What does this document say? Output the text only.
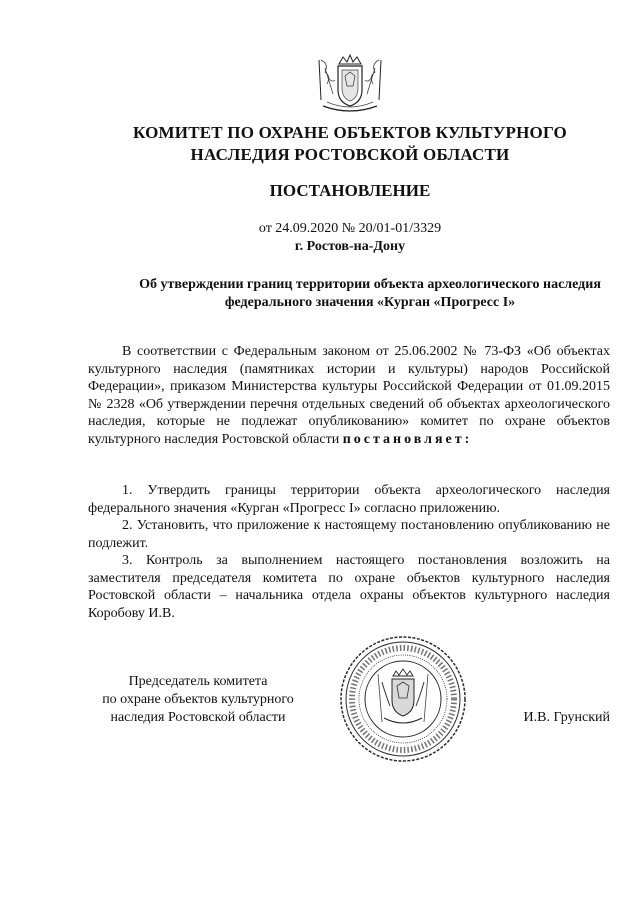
КОМИТЕТ ПО ОХРАНЕ ОБЪЕКТОВ КУЛЬТУРНОГО НАСЛЕДИЯ РОСТОВСКОЙ ОБЛАСТИ
ПОСТАНОВЛЕНИЕ
от 24.09.2020 № 20/01-01/3329
г. Ростов-на-Дону
Об утверждении границ территории объекта археологического наследия федерального значения «Курган «Прогресс I»
В соответствии с Федеральным законом от 25.06.2002 № 73-ФЗ «Об объектах культурного наследия (памятниках истории и культуры) народов Российской Федерации», приказом Министерства культуры Российской Федерации от 01.09.2015 № 2328 «Об утверждении перечня отдельных сведений об объектах археологического наследия, которые не подлежат опубликованию» комитет по охране объектов культурного наследия Ростовской области постановляет:

1. Утвердить границы территории объекта археологического наследия федерального значения «Курган «Прогресс I» согласно приложению.

2. Установить, что приложение к настоящему постановлению опубликованию не подлежит.

3. Контроль за выполнением настоящего постановления возложить на заместителя председателя комитета по охране объектов культурного наследия Ростовской области – начальника отдела охраны объектов культурного наследия Коробову И.В.

Председатель комитета
по охране объектов культурного
наследия Ростовской области	И.В. Грунский
